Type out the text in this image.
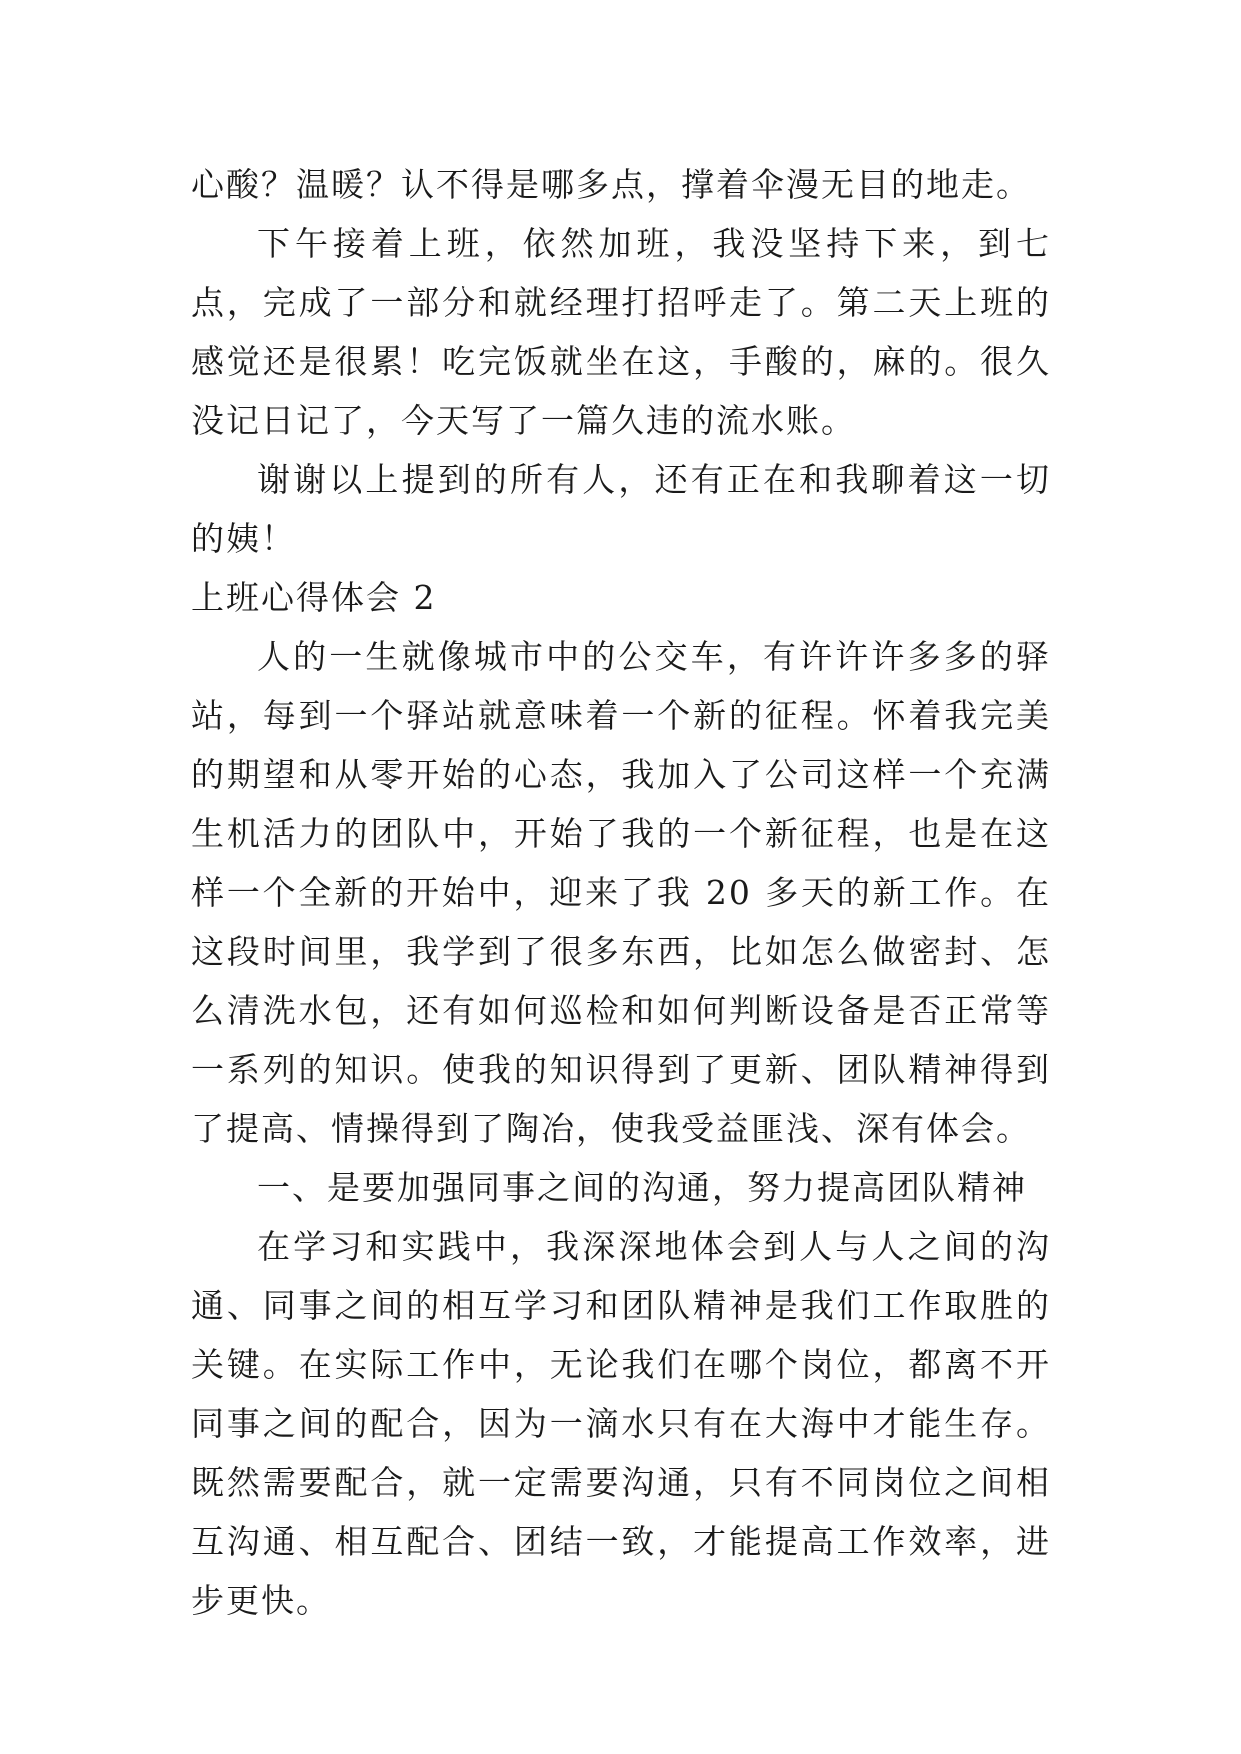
心酸？温暖？认不得是哪多点，撑着伞漫无目的地走。

下午接着上班，依然加班，我没坚持下来，到七点，完成了一部分和就经理打招呼走了。第二天上班的感觉还是很累！吃完饭就坐在这，手酸的，麻的。很久没记日记了，今天写了一篇久违的流水账。

谢谢以上提到的所有人，还有正在和我聊着这一切的姨！

上班心得体会 2

人的一生就像城市中的公交车，有许许许多多的驿站，每到一个驿站就意味着一个新的征程。怀着我完美的期望和从零开始的心态，我加入了公司这样一个充满生机活力的团队中，开始了我的一个新征程，也是在这样一个全新的开始中，迎来了我 20 多天的新工作。在这段时间里，我学到了很多东西，比如怎么做密封、怎么清洗水包，还有如何巡检和如何判断设备是否正常等一系列的知识。使我的知识得到了更新、团队精神得到了提高、情操得到了陶冶，使我受益匪浅、深有体会。

一、是要加强同事之间的沟通，努力提高团队精神

在学习和实践中，我深深地体会到人与人之间的沟通、同事之间的相互学习和团队精神是我们工作取胜的关键。在实际工作中，无论我们在哪个岗位，都离不开同事之间的配合，因为一滴水只有在大海中才能生存。既然需要配合，就一定需要沟通，只有不同岗位之间相互沟通、相互配合、团结一致，才能提高工作效率，进步更快。
